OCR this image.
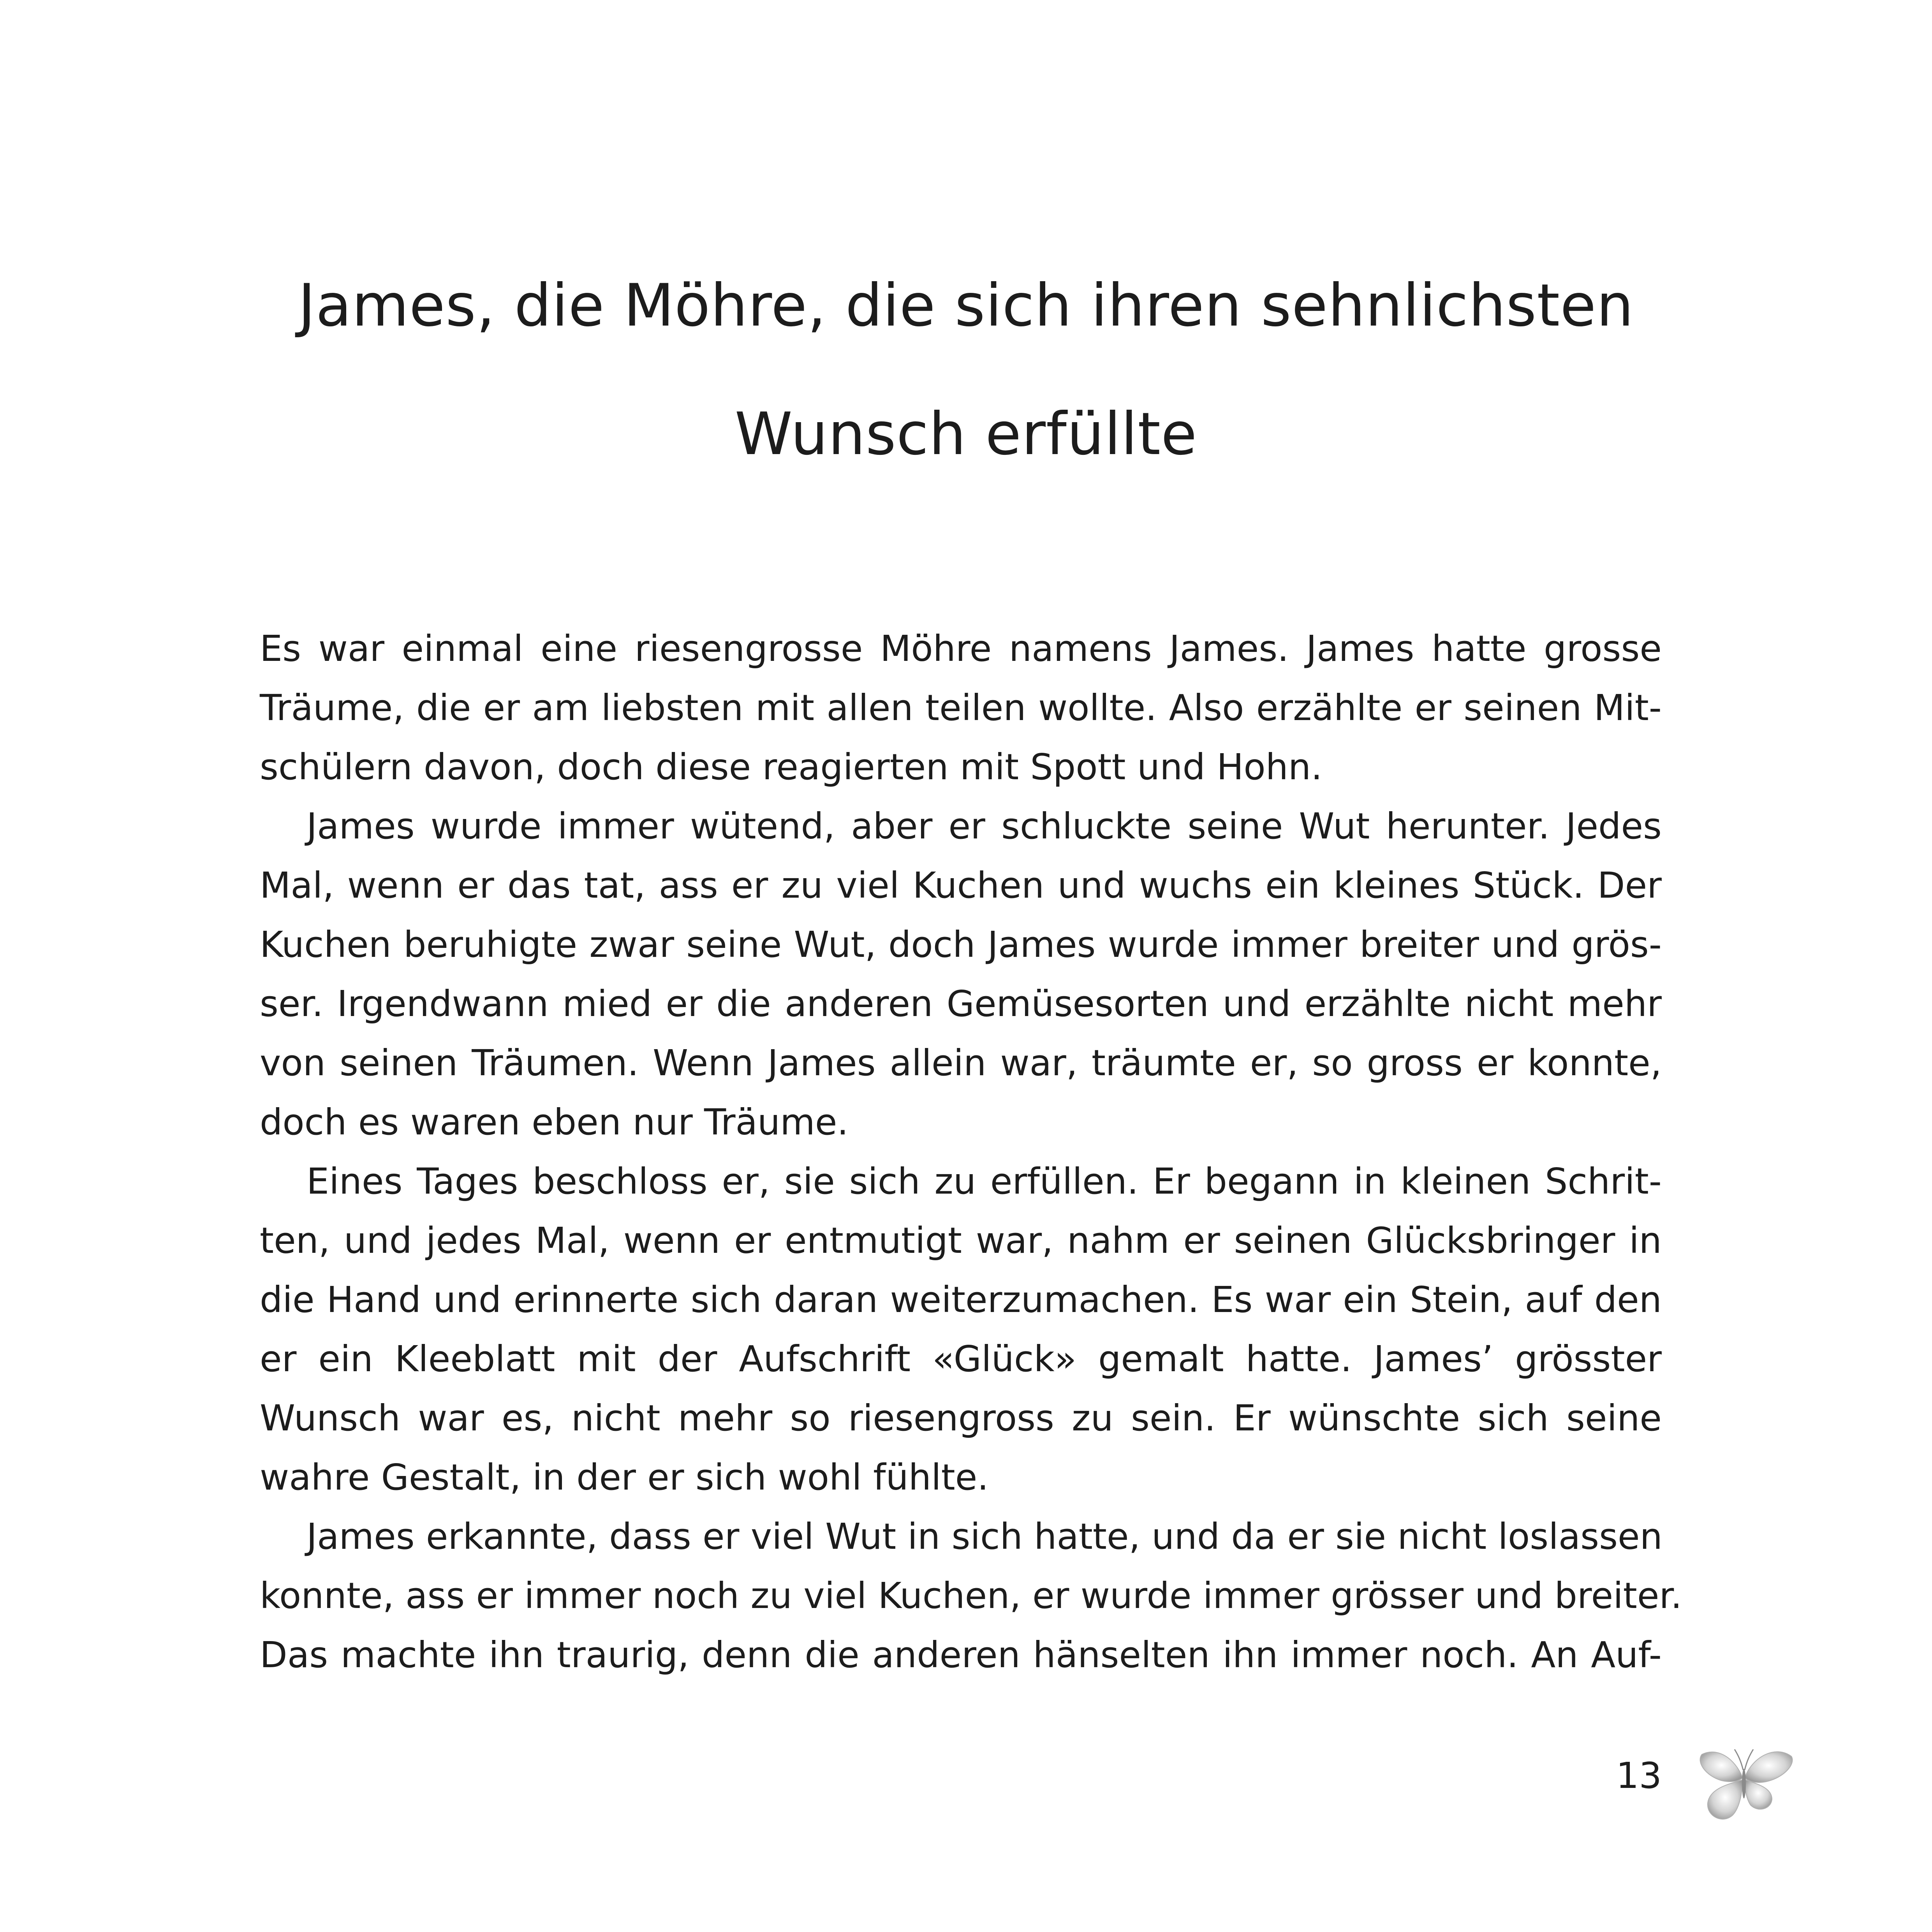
James, die Möhre, die sich ihren sehnlichsten
Wunsch erfüllte
Es war einmal eine riesengrosse Möhre namens James. James hatte grosse
Träume, die er am liebsten mit allen teilen wollte. Also erzählte er seinen Mit-
schülern davon, doch diese reagierten mit Spott und Hohn.
James wurde immer wütend, aber er schluckte seine Wut herunter. Jedes
Mal, wenn er das tat, ass er zu viel Kuchen und wuchs ein kleines Stück. Der
Kuchen beruhigte zwar seine Wut, doch James wurde immer breiter und grös-
ser. Irgendwann mied er die anderen Gemüsesorten und erzählte nicht mehr
von seinen Träumen. Wenn James allein war, träumte er, so gross er konnte,
doch es waren eben nur Träume.
Eines Tages beschloss er, sie sich zu erfüllen. Er begann in kleinen Schrit-
ten, und jedes Mal, wenn er entmutigt war, nahm er seinen Glücksbringer in
die Hand und erinnerte sich daran weiterzumachen. Es war ein Stein, auf den
er ein Kleeblatt mit der Aufschrift «Glück» gemalt hatte. James’ grösster
Wunsch war es, nicht mehr so riesengross zu sein. Er wünschte sich seine
wahre Gestalt, in der er sich wohl fühlte.
James erkannte, dass er viel Wut in sich hatte, und da er sie nicht loslassen
konnte, ass er immer noch zu viel Kuchen, er wurde immer grösser und breiter.
Das machte ihn traurig, denn die anderen hänselten ihn immer noch. An Auf-
13
